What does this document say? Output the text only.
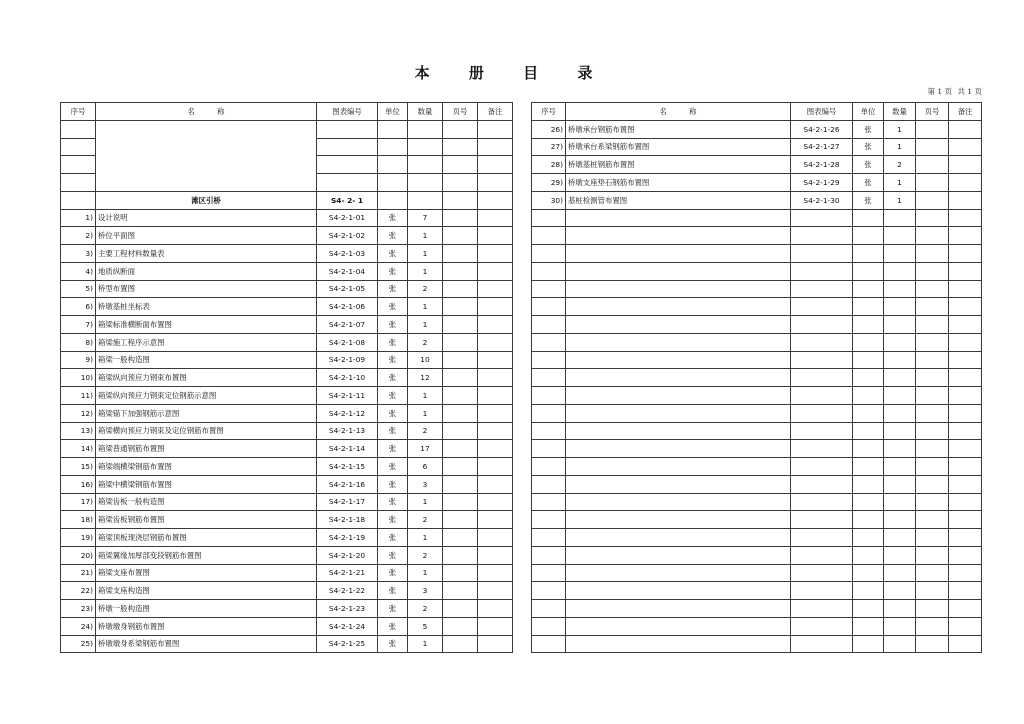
本 册 目 录
第 1 页 共 1 页
序号	名　　　称	图表编号	单位	数量	页号	备注

	滩区引桥	S4- 2- 1				
1)	设计说明	S4-2-1-01	张	7		
2)	桥位平面图	S4-2-1-02	张	1		
3)	主要工程材料数量表	S4-2-1-03	张	1		
4)	地质纵断面	S4-2-1-04	张	1		
5)	桥型布置图	S4-2-1-05	张	2		
6)	桥墩基桩坐标表	S4-2-1-06	张	1		
7)	箱梁标准横断面布置图	S4-2-1-07	张	1		
8)	箱梁施工程序示意图	S4-2-1-08	张	2		
9)	箱梁一般构造图	S4-2-1-09	张	10		
10)	箱梁纵向预应力钢束布置图	S4-2-1-10	张	12		
11)	箱梁纵向预应力钢束定位钢筋示意图	S4-2-1-11	张	1		
12)	箱梁锚下加强钢筋示意图	S4-2-1-12	张	1		
13)	箱梁横向预应力钢束及定位钢筋布置图	S4-2-1-13	张	2		
14)	箱梁普通钢筋布置图	S4-2-1-14	张	17		
15)	箱梁端横梁钢筋布置图	S4-2-1-15	张	6		
16)	箱梁中横梁钢筋布置图	S4-2-1-16	张	3		
17)	箱梁齿板一般构造图	S4-2-1-17	张	1		
18)	箱梁齿板钢筋布置图	S4-2-1-18	张	2		
19)	箱梁顶板现浇层钢筋布置图	S4-2-1-19	张	1		
20)	箱梁翼缘加厚部变段钢筋布置图	S4-2-1-20	张	2		
21)	箱梁支座布置图	S4-2-1-21	张	1		
22)	箱梁支座构造图	S4-2-1-22	张	3		
23)	桥墩一般构造图	S4-2-1-23	张	2		
24)	桥墩墩身钢筋布置图	S4-2-1-24	张	5		
25)	桥墩墩身系梁钢筋布置图	S4-2-1-25	张	1		
序号	名　　　称	图表编号	单位	数量	页号	备注
26)	桥墩承台钢筋布置图	S4-2-1-26	张	1		
27)	桥墩承台系梁钢筋布置图	S4-2-1-27	张	1		
28)	桥墩基桩钢筋布置图	S4-2-1-28	张	2		
29)	桥墩支座垫石钢筋布置图	S4-2-1-29	张	1		
30)	基桩检测管布置图	S4-2-1-30	张	1		
